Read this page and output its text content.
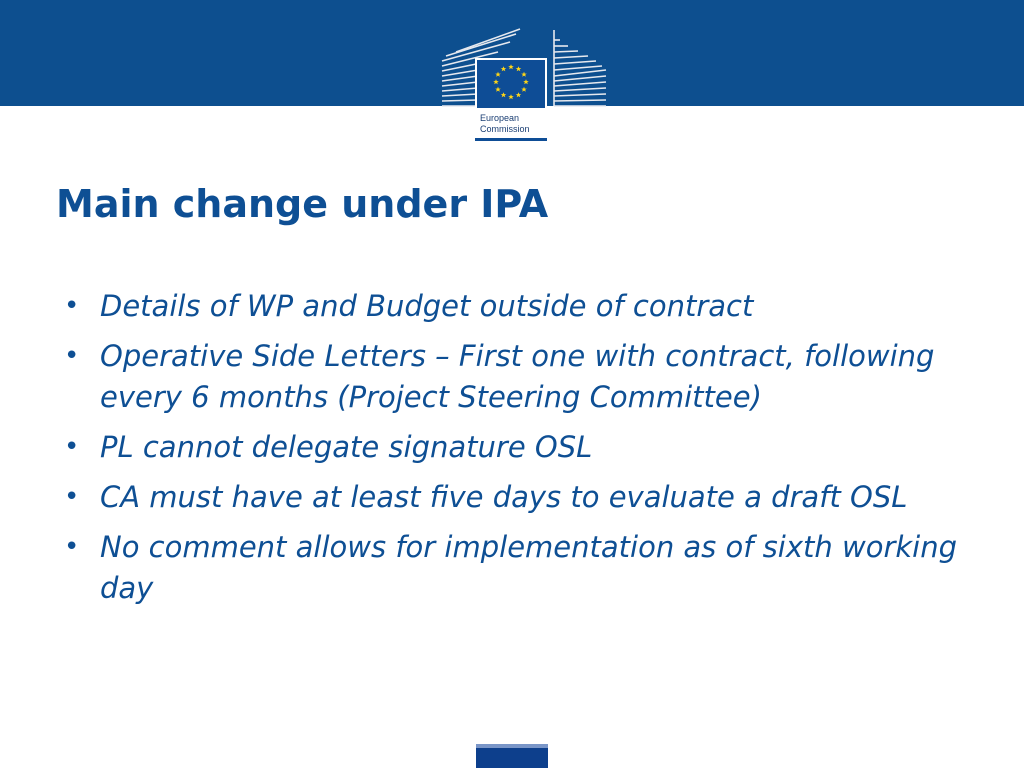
European
Commission
Main change under IPA
• Details of WP and Budget outside of contract
• Operative Side Letters – First one with contract, following every 6 months (Project Steering Committee)
• PL cannot delegate signature OSL
• CA must have at least five days to evaluate a draft OSL
• No comment allows for implementation as of sixth working day
